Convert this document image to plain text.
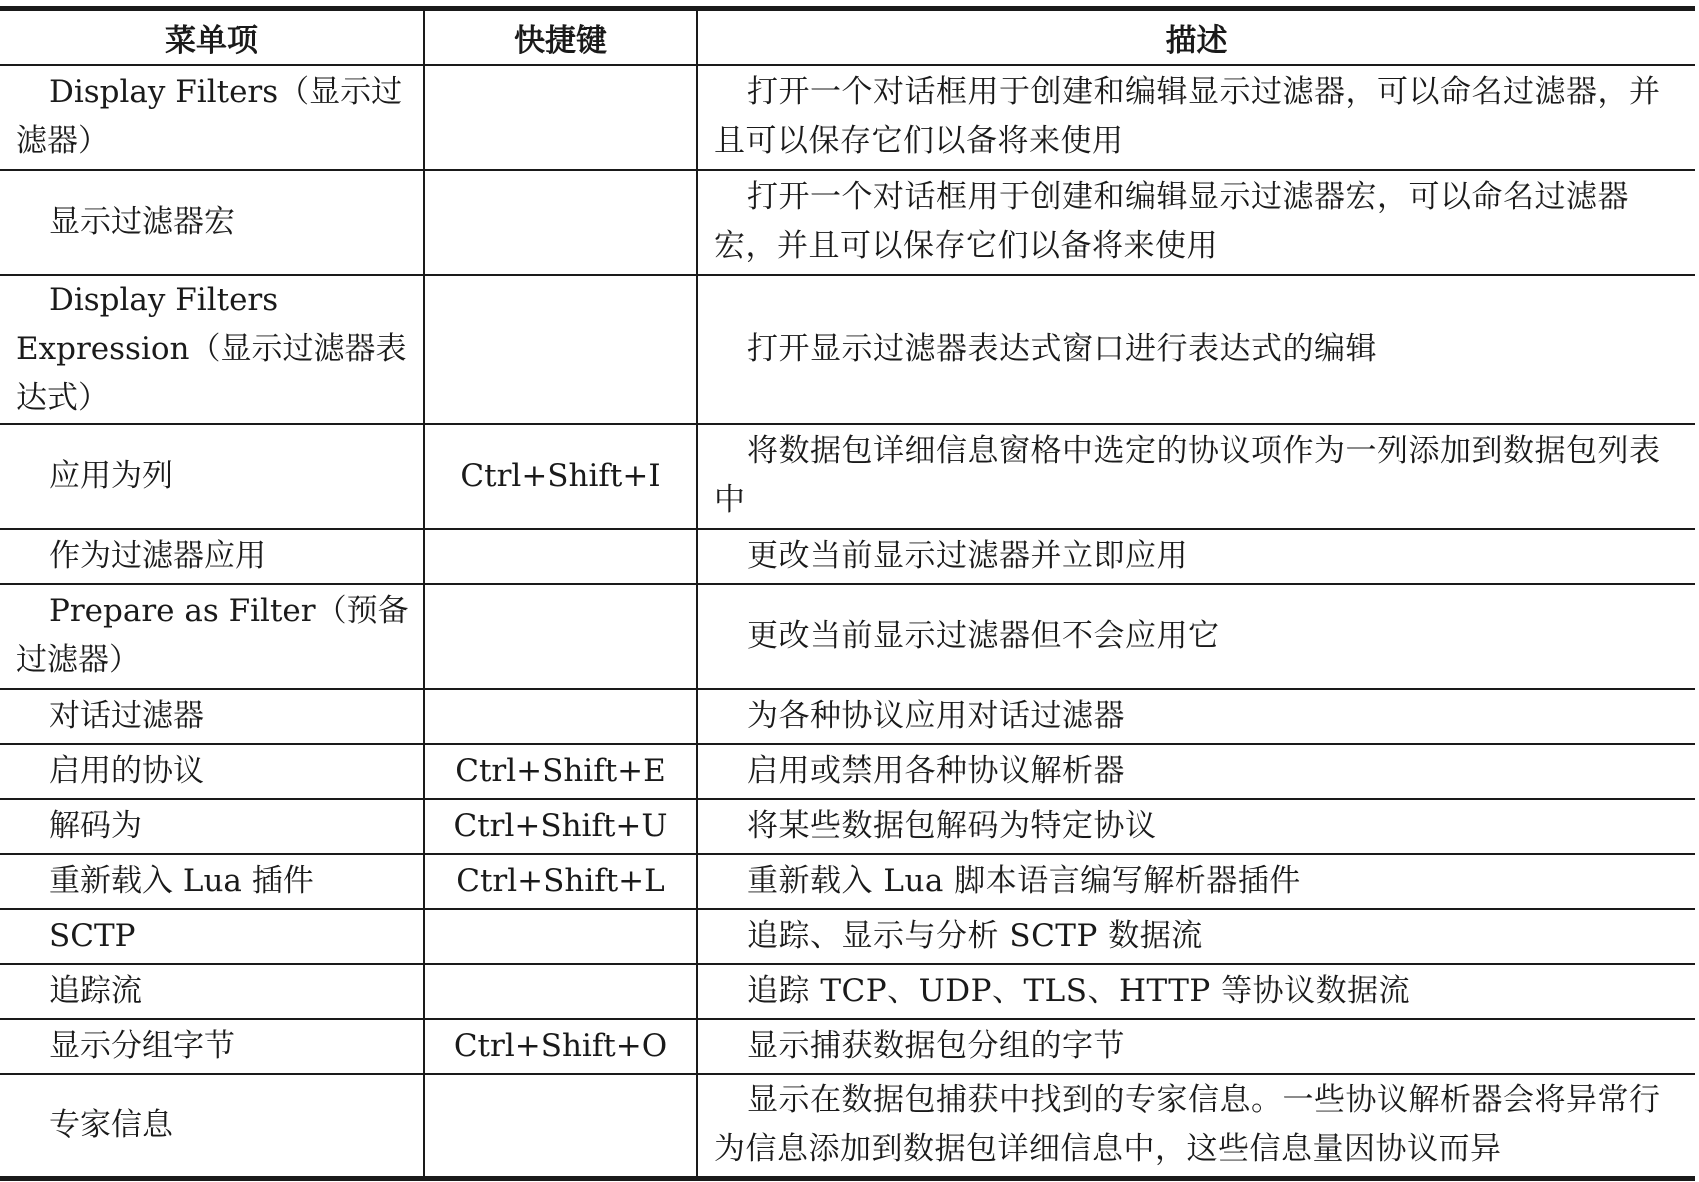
菜单项	快捷键	描述
Display Filters（显示过滤器）		打开一个对话框用于创建和编辑显示过滤器，可以命名过滤器，并且可以保存它们以备将来使用
显示过滤器宏		打开一个对话框用于创建和编辑显示过滤器宏，可以命名过滤器宏，并且可以保存它们以备将来使用
Display Filters Expression（显示过滤器表达式）		打开显示过滤器表达式窗口进行表达式的编辑
应用为列	Ctrl+Shift+I	将数据包详细信息窗格中选定的协议项作为一列添加到数据包列表中
作为过滤器应用		更改当前显示过滤器并立即应用
Prepare as Filter（预备过滤器）		更改当前显示过滤器但不会应用它
对话过滤器		为各种协议应用对话过滤器
启用的协议	Ctrl+Shift+E	启用或禁用各种协议解析器
解码为	Ctrl+Shift+U	将某些数据包解码为特定协议
重新载入 Lua 插件	Ctrl+Shift+L	重新载入 Lua 脚本语言编写解析器插件
SCTP		追踪、显示与分析 SCTP 数据流
追踪流		追踪 TCP、UDP、TLS、HTTP 等协议数据流
显示分组字节	Ctrl+Shift+O	显示捕获数据包分组的字节
专家信息		显示在数据包捕获中找到的专家信息。一些协议解析器会将异常行为信息添加到数据包详细信息中，这些信息量因协议而异
